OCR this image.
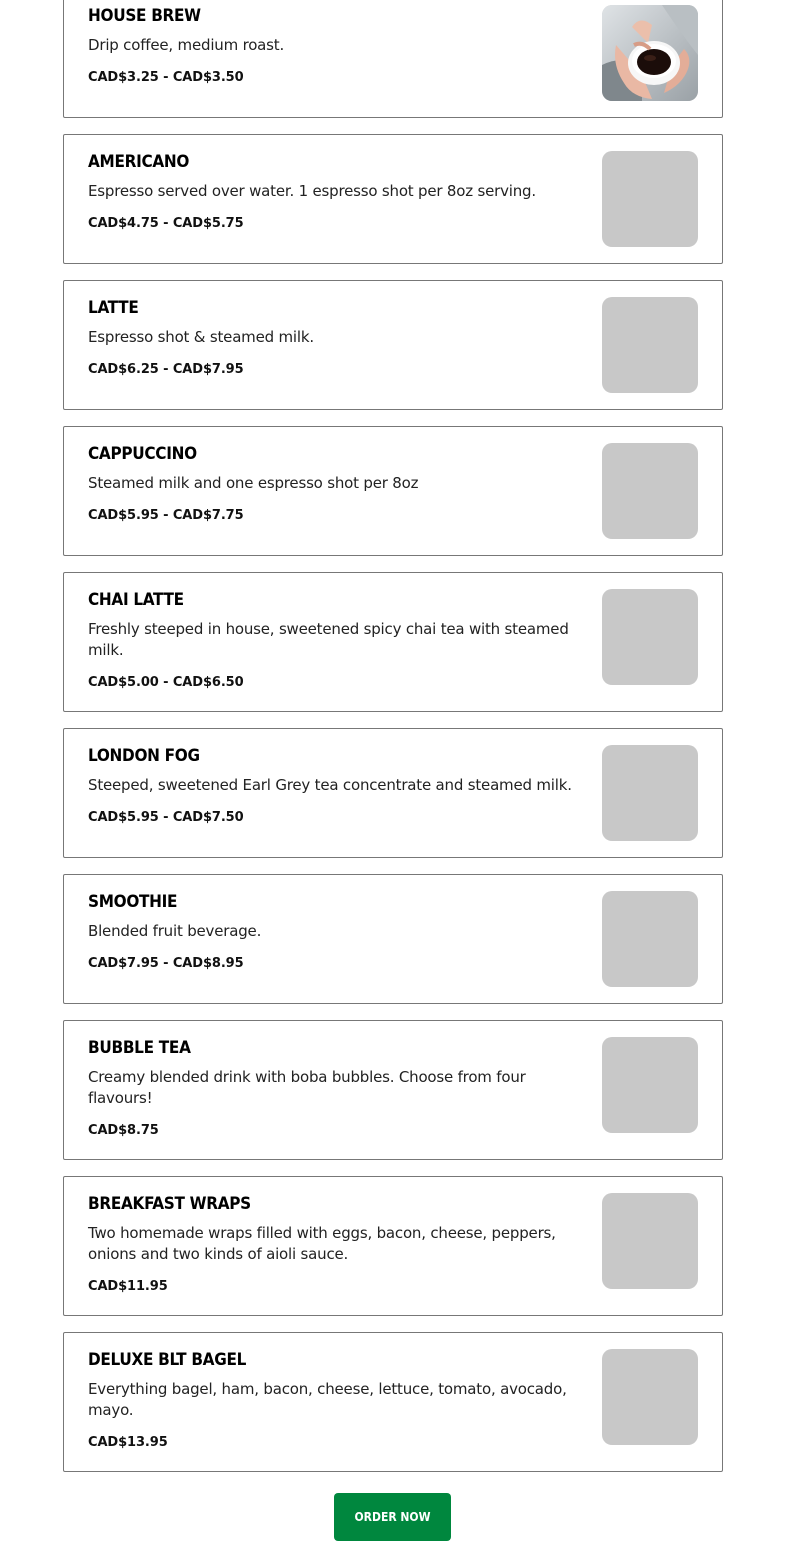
HOUSE BREW
Drip coffee, medium roast.
CAD$3.25 - CAD$3.50
AMERICANO
Espresso served over water. 1 espresso shot per 8oz serving.
CAD$4.75 - CAD$5.75
LATTE
Espresso shot & steamed milk.
CAD$6.25 - CAD$7.95
CAPPUCCINO
Steamed milk and one espresso shot per 8oz
CAD$5.95 - CAD$7.75
CHAI LATTE
Freshly steeped in house, sweetened spicy chai tea with steamed milk.
CAD$5.00 - CAD$6.50
LONDON FOG
Steeped, sweetened Earl Grey tea concentrate and steamed milk.
CAD$5.95 - CAD$7.50
SMOOTHIE
Blended fruit beverage.
CAD$7.95 - CAD$8.95
BUBBLE TEA
Creamy blended drink with boba bubbles. Choose from four flavours!
CAD$8.75
BREAKFAST WRAPS
Two homemade wraps filled with eggs, bacon, cheese, peppers, onions and two kinds of aioli sauce.
CAD$11.95
DELUXE BLT BAGEL
Everything bagel, ham, bacon, cheese, lettuce, tomato, avocado, mayo.
CAD$13.95
ORDER NOW
